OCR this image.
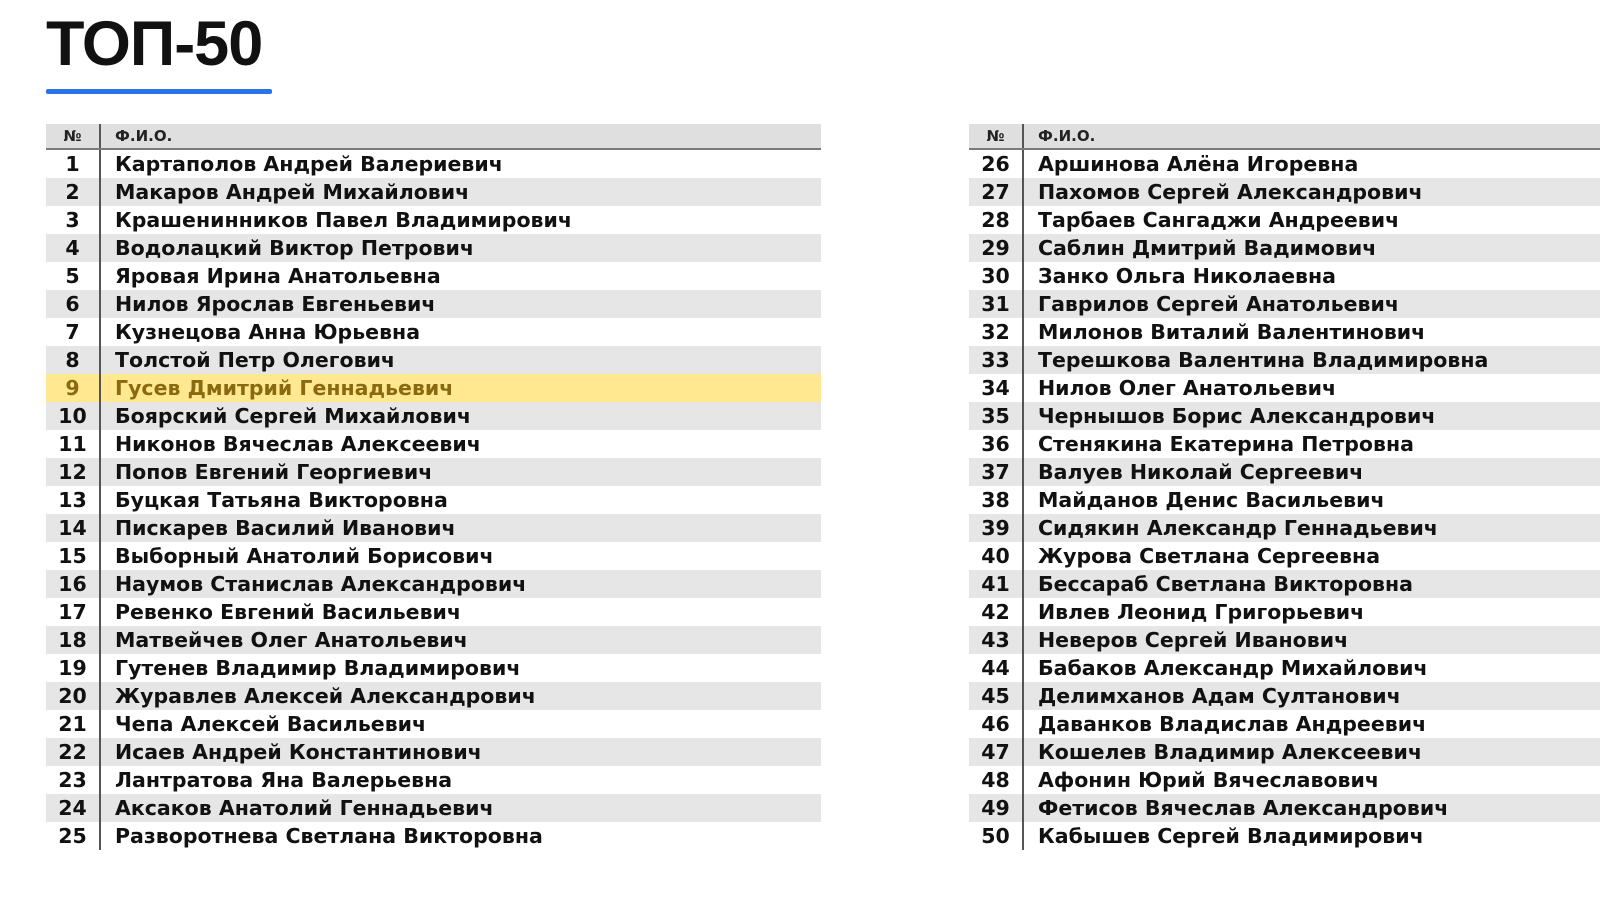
ТОП-50
№	Ф.И.О.
1	Картаполов Андрей Валериевич
2	Макаров Андрей Михайлович
3	Крашенинников Павел Владимирович
4	Водолацкий Виктор Петрович
5	Яровая Ирина Анатольевна
6	Нилов Ярослав Евгеньевич
7	Кузнецова Анна Юрьевна
8	Толстой Петр Олегович
9	Гусев Дмитрий Геннадьевич
10	Боярский Сергей Михайлович
11	Никонов Вячеслав Алексеевич
12	Попов Евгений Георгиевич
13	Буцкая Татьяна Викторовна
14	Пискарев Василий Иванович
15	Выборный Анатолий Борисович
16	Наумов Станислав Александрович
17	Ревенко Евгений Васильевич
18	Матвейчев Олег Анатольевич
19	Гутенев Владимир Владимирович
20	Журавлев Алексей Александрович
21	Чепа Алексей Васильевич
22	Исаев Андрей Константинович
23	Лантратова Яна Валерьевна
24	Аксаков Анатолий Геннадьевич
25	Разворотнева Светлана Викторовна
№	Ф.И.О.
26	Аршинова Алёна Игоревна
27	Пахомов Сергей Александрович
28	Тарбаев Сангаджи Андреевич
29	Саблин Дмитрий Вадимович
30	Занко Ольга Николаевна
31	Гаврилов Сергей Анатольевич
32	Милонов Виталий Валентинович
33	Терешкова Валентина Владимировна
34	Нилов Олег Анатольевич
35	Чернышов Борис Александрович
36	Стенякина Екатерина Петровна
37	Валуев Николай Сергеевич
38	Майданов Денис Васильевич
39	Сидякин Александр Геннадьевич
40	Журова Светлана Сергеевна
41	Бессараб Светлана Викторовна
42	Ивлев Леонид Григорьевич
43	Неверов Сергей Иванович
44	Бабаков Александр Михайлович
45	Делимханов Адам Султанович
46	Даванков Владислав Андреевич
47	Кошелев Владимир Алексеевич
48	Афонин Юрий Вячеславович
49	Фетисов Вячеслав Александрович
50	Кабышев Сергей Владимирович
